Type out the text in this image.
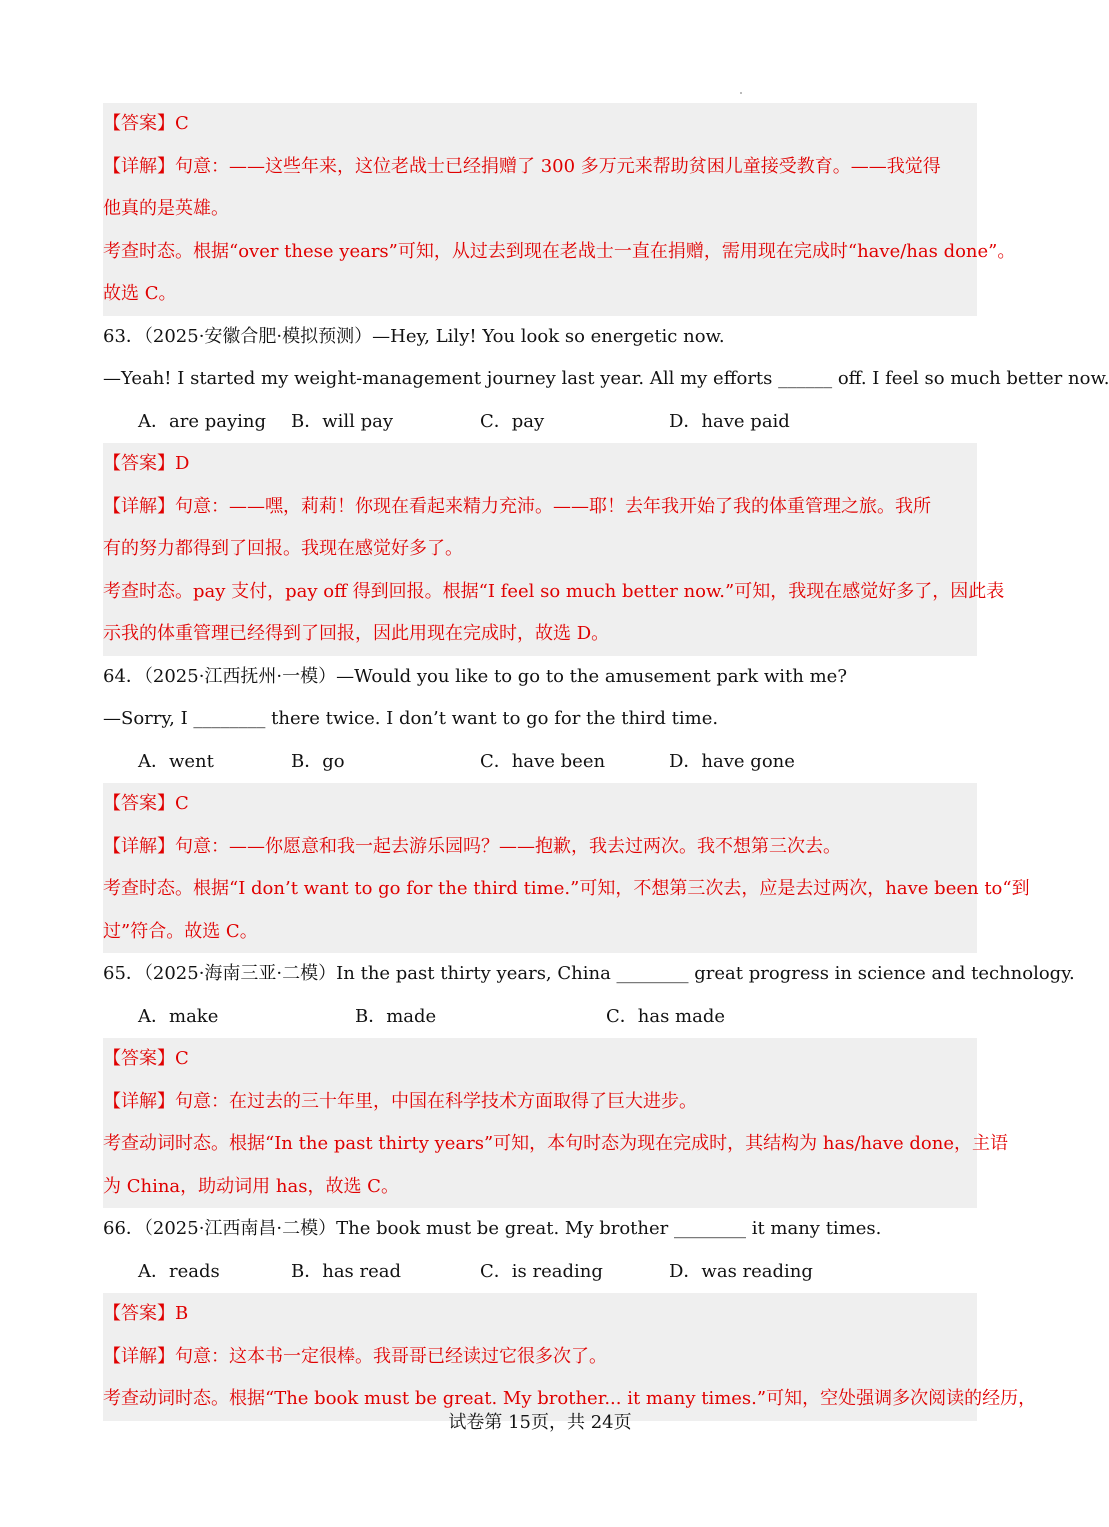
【答案】C
【详解】句意：——这些年来，这位老战士已经捐赠了 300 多万元来帮助贫困儿童接受教育。——我觉得
他真的是英雄。
考查时态。根据“over these years”可知，从过去到现在老战士一直在捐赠，需用现在完成时“have/has done”。
故选 C。
63．（2025·安徽合肥·模拟预测）—Hey, Lily! You look so energetic now.
—Yeah! I started my weight-management journey last year. All my efforts ______ off. I feel so much better now.
A．are paying B．will pay	C．pay	D．have paid
【答案】D
【详解】句意：——嘿，莉莉！你现在看起来精力充沛。——耶！去年我开始了我的体重管理之旅。我所
有的努力都得到了回报。我现在感觉好多了。
考查时态。pay 支付，pay off 得到回报。根据“I feel so much better now.”可知，我现在感觉好多了，因此表
示我的体重管理已经得到了回报，因此用现在完成时，故选 D。
64．（2025·江西抚州·一模）—Would you like to go to the amusement park with me?
—Sorry, I ________ there twice. I don’t want to go for the third time.
A．went	B．go	C．have been	D．have gone
【答案】C
【详解】句意：——你愿意和我一起去游乐园吗？——抱歉，我去过两次。我不想第三次去。
考查时态。根据“I don’t want to go for the third time.”可知，不想第三次去，应是去过两次，have been to“到
过”符合。故选 C。
65．（2025·海南三亚·二模）In the past thirty years, China ________ great progress in science and technology.
A．make	B．made	C．has made
【答案】C
【详解】句意：在过去的三十年里，中国在科学技术方面取得了巨大进步。
考查动词时态。根据“In the past thirty years”可知，本句时态为现在完成时，其结构为 has/have done，主语
为 China，助动词用 has，故选 C。
66．（2025·江西南昌·二模）The book must be great. My brother ________ it many times.
A．reads	B．has read	C．is reading	D．was reading
【答案】B
【详解】句意：这本书一定很棒。我哥哥已经读过它很多次了。
考查动词时态。根据“The book must be great. My brother... it many times.”可知，空处强调多次阅读的经历，
试卷第 15页，共 24页
